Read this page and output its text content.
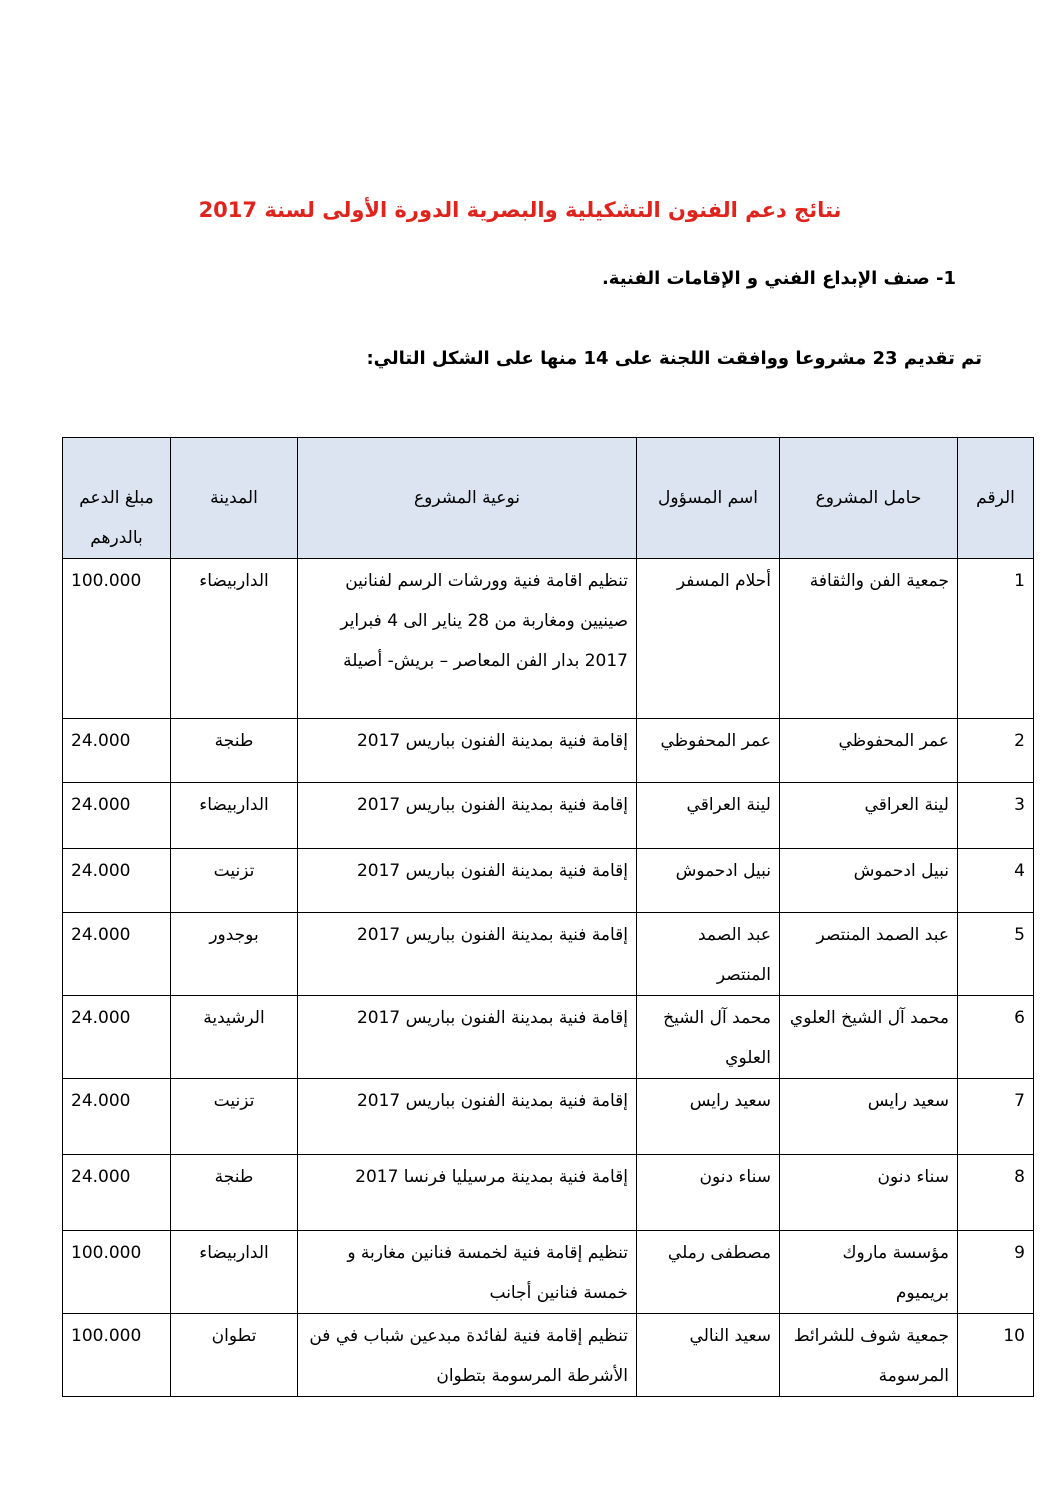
نتائج دعم الفنون التشكيلية والبصرية الدورة الأولى لسنة 2017
1- صنف الإبداع الفني و الإقامات الفنية.

تم تقديم 23 مشروعا ووافقت اللجنة على 14 منها على الشكل التالي:

الرقم	حامل المشروع	اسم المسؤول	نوعية المشروع	المدينة	مبلغ الدعم بالدرهم
1	جمعية الفن والثقافة	أحلام المسفر	تنظيم اقامة فنية وورشات الرسم لفنانين صينيين ومغاربة من 28 يناير الى 4 فبراير 2017 بدار الفن المعاصر – بريش- أصيلة	الداربيضاء	100.000
2	عمر المحفوظي	عمر المحفوظي	إقامة فنية بمدينة الفنون بباريس 2017	طنجة	24.000
3	لينة العراقي	لينة العراقي	إقامة فنية بمدينة الفنون بباريس 2017	الداربيضاء	24.000
4	نبيل ادحموش	نبيل ادحموش	إقامة فنية بمدينة الفنون بباريس 2017	تزنيت	24.000
5	عبد الصمد المنتصر	عبد الصمد المنتصر	إقامة فنية بمدينة الفنون بباريس 2017	بوجدور	24.000
6	محمد آل الشيخ العلوي	محمد آل الشيخ العلوي	إقامة فنية بمدينة الفنون بباريس 2017	الرشيدية	24.000
7	سعيد رايس	سعيد رايس	إقامة فنية بمدينة الفنون بباريس 2017	تزنيت	24.000
8	سناء دنون	سناء دنون	إقامة فنية بمدينة مرسيليا فرنسا 2017	طنجة	24.000
9	مؤسسة ماروك بريميوم	مصطفى رملي	تنظيم إقامة فنية لخمسة فنانين مغاربة و خمسة فنانين أجانب	الداربيضاء	100.000
10	جمعية شوف للشرائط المرسومة	سعيد النالي	تنظيم إقامة فنية لفائدة مبدعين شباب في فن الأشرطة المرسومة بتطوان	تطوان	100.000
